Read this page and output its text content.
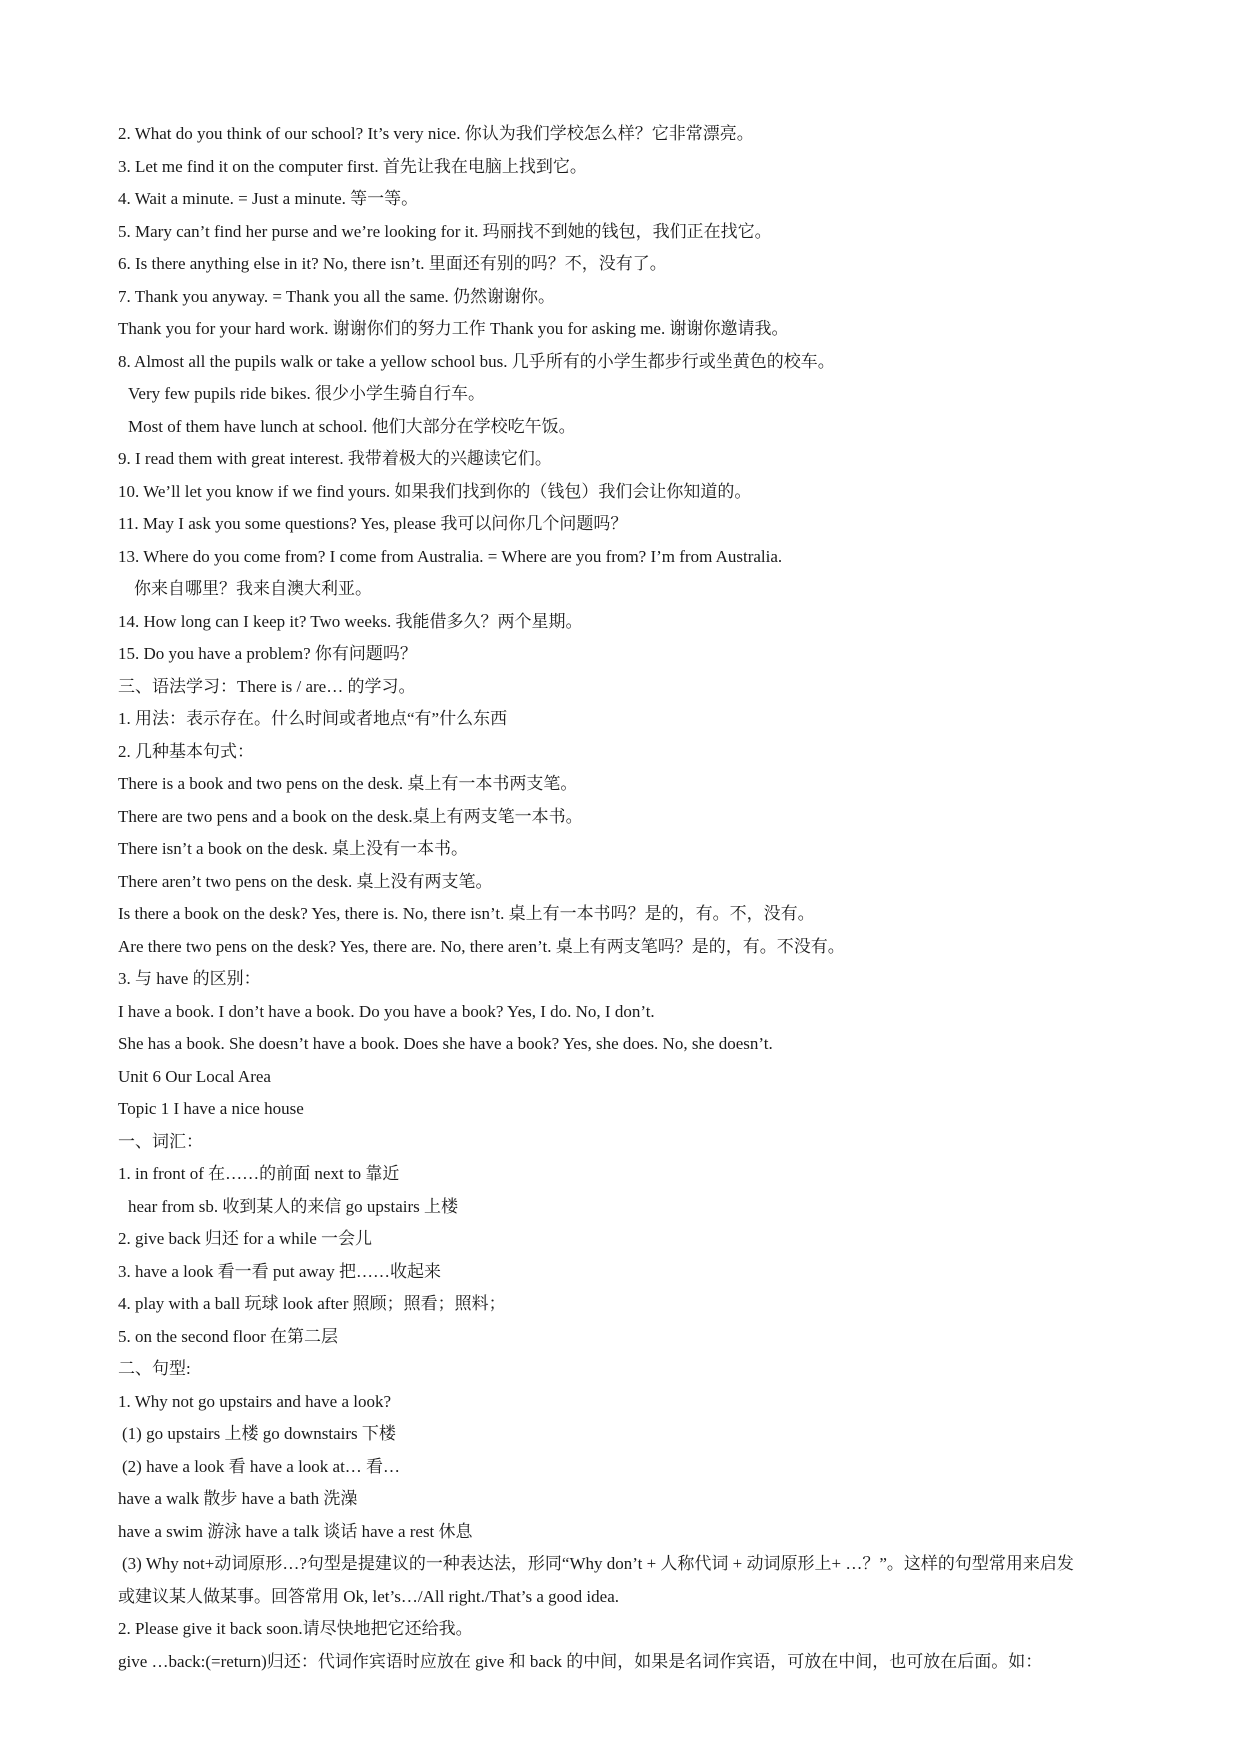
2. What do you think of our school? It’s very nice. 你认为我们学校怎么样？它非常漂亮。
3. Let me find it on the computer first. 首先让我在电脑上找到它。
4. Wait a minute. = Just a minute. 等一等。
5. Mary can’t find her purse and we’re looking for it. 玛丽找不到她的钱包，我们正在找它。
6. Is there anything else in it? No, there isn’t. 里面还有别的吗？不，没有了。
7. Thank you anyway. = Thank you all the same. 仍然谢谢你。
Thank you for your hard work. 谢谢你们的努力工作 Thank you for asking me. 谢谢你邀请我。
8. Almost all the pupils walk or take a yellow school bus. 几乎所有的小学生都步行或坐黄色的校车。
Very few pupils ride bikes. 很少小学生骑自行车。
Most of them have lunch at school. 他们大部分在学校吃午饭。
9. I read them with great interest. 我带着极大的兴趣读它们。
10. We’ll let you know if we find yours. 如果我们找到你的（钱包）我们会让你知道的。
11. May I ask you some questions? Yes, please 我可以问你几个问题吗？
13. Where do you come from? I come from Australia. = Where are you from? I’m from Australia.
你来自哪里？我来自澳大利亚。
14. How long can I keep it? Two weeks. 我能借多久？两个星期。
15. Do you have a problem? 你有问题吗？
三、语法学习：There is / are… 的学习。
1. 用法：表示存在。什么时间或者地点“有”什么东西
2. 几种基本句式：
There is a book and two pens on the desk. 桌上有一本书两支笔。
There are two pens and a book on the desk.桌上有两支笔一本书。
There isn’t a book on the desk. 桌上没有一本书。
There aren’t two pens on the desk. 桌上没有两支笔。
Is there a book on the desk? Yes, there is. No, there isn’t. 桌上有一本书吗？是的，有。不，没有。
Are there two pens on the desk? Yes, there are. No, there aren’t. 桌上有两支笔吗？是的，有。不没有。
3. 与 have 的区别：
I have a book. I don’t have a book. Do you have a book? Yes, I do. No, I don’t.
She has a book. She doesn’t have a book. Does she have a book? Yes, she does. No, she doesn’t.
Unit 6 Our Local Area
Topic 1 I have a nice house
一、词汇：
1. in front of 在……的前面 next to 靠近
hear from sb. 收到某人的来信 go upstairs 上楼
2. give back 归还 for a while 一会儿
3. have a look 看一看 put away 把……收起来
4. play with a ball 玩球 look after 照顾；照看；照料；
5. on the second floor 在第二层
二、句型:
1. Why not go upstairs and have a look?
(1) go upstairs 上楼 go downstairs 下楼
(2) have a look 看 have a look at… 看…
have a walk 散步 have a bath 洗澡
have a swim 游泳 have a talk 谈话 have a rest 休息
(3) Why not+动词原形…?句型是提建议的一种表达法，形同“Why don’t + 人称代词 + 动词原形上+ …？”。这样的句型常用来启发
或建议某人做某事。回答常用 Ok, let’s…/All right./That’s a good idea.
2. Please give it back soon.请尽快地把它还给我。
give …back:(=return)归还：代词作宾语时应放在 give 和 back 的中间，如果是名词作宾语，可放在中间，也可放在后面。如：
